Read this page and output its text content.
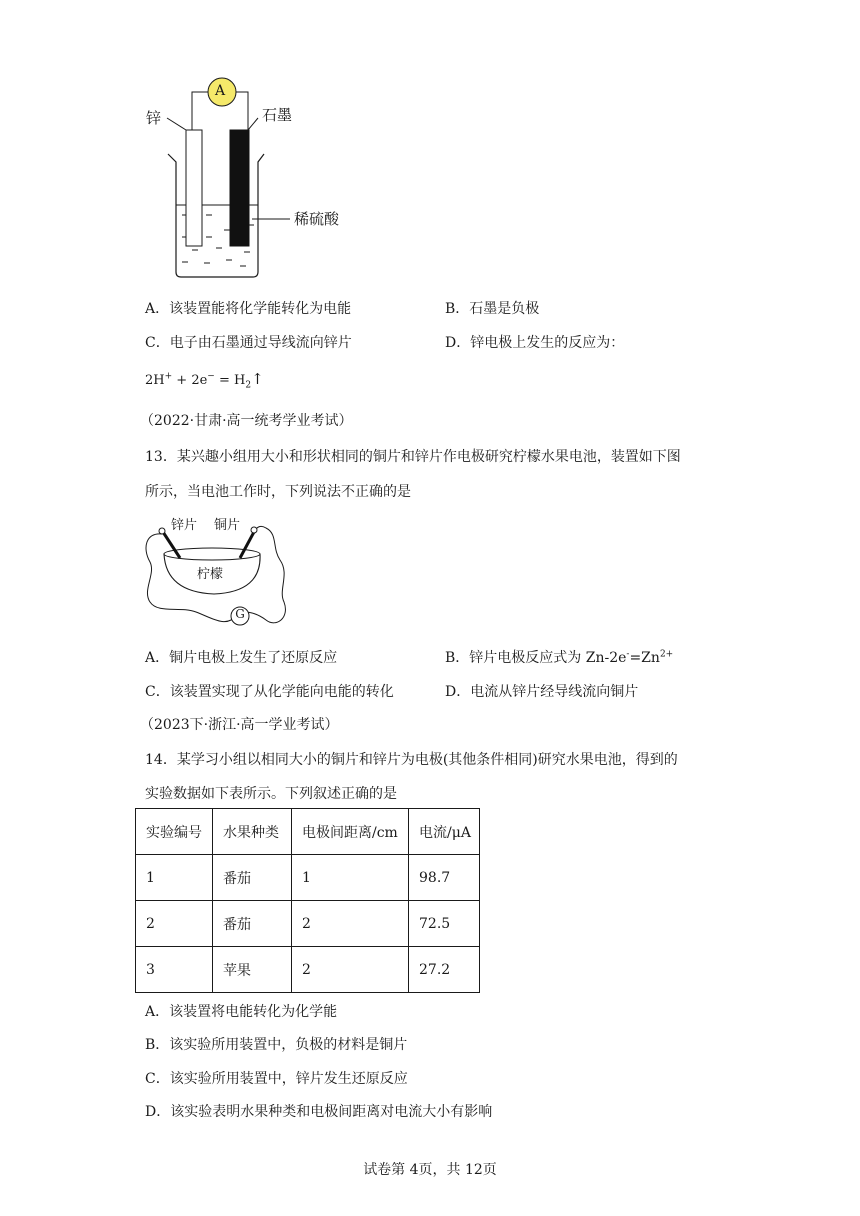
A
锌	石墨
稀硫酸
A．该装置能将化学能转化为电能	B．石墨是负极
C．电子由石墨通过导线流向锌片	D．锌电极上发生的反应为：
$2H^+ + 2e^- = H_2↑$
（2022·甘肃·高一统考学业考试）
13．某兴趣小组用大小和形状相同的铜片和锌片作电极研究柠檬水果电池，装置如下图
所示，当电池工作时，下列说法不正确的是
锌片 铜片
柠檬
G
A．铜片电极上发生了还原反应	B．锌片电极反应式为 $Zn-2e^-=Zn^{2+}$
C．该装置实现了从化学能向电能的转化	D．电流从锌片经导线流向铜片
（2023下·浙江·高一学业考试）
14．某学习小组以相同大小的铜片和锌片为电极(其他条件相同)研究水果电池，得到的
实验数据如下表所示。下列叙述正确的是
实验编号	水果种类	电极间距离/cm	电流/μA
1	番茄	1	98.7
2	番茄	2	72.5
3	苹果	2	27.2
A．该装置将电能转化为化学能
B．该实验所用装置中，负极的材料是铜片
C．该实验所用装置中，锌片发生还原反应
D．该实验表明水果种类和电极间距离对电流大小有影响
试卷第 4页，共 12页
